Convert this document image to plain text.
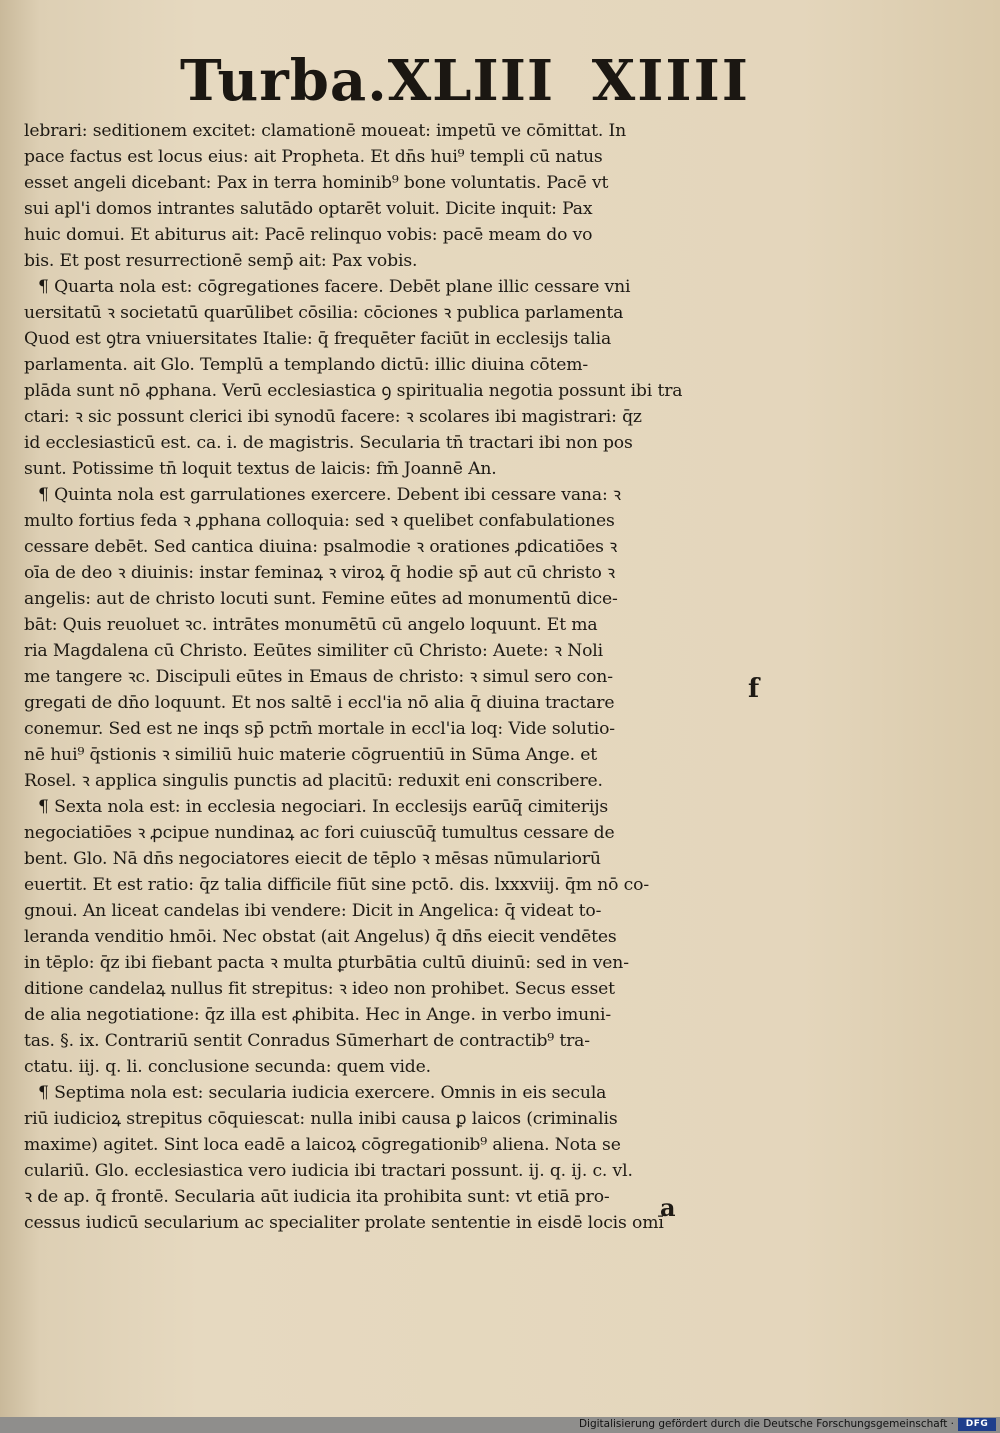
Turba.XLIII XIIII
lebrari: seditionem excitet: clamationē moueat: impetū ve cōmittat. In
pace factus est locus eius: ait Propheta. Et dn̄s hui⁹ templi cū natus
esset angeli dicebant: Pax in terra hominib⁹ bone voluntatis. Pacē vt
sui apl'i domos intrantes salutādo optarēt voluit. Dicite inquit: Pax
huic domui. Et abiturus ait: Pacē relinquo vobis: pacē meam do vo
bis. Et post resurrectionē semp̄ ait: Pax vobis.
¶ Quarta nola est: cōgregationes facere. Debēt plane illic cessare vni
uersitatū ꝛ societatū quarūlibet cōsilia: cōciones ꝛ publica parlamenta
Quod est ꝯtra vniuersitates Italie: q̄ frequēter faciūt in ecclesijs talia
parlamenta. ait Glo. Templū a templando dictū: illic diuina cōtem-
plāda sunt nō ꝓphana. Verū ecclesiastica ꝯ spiritualia negotia possunt ibi tra
ctari: ꝛ sic possunt clerici ibi synodū facere: ꝛ scolares ibi magistrari: q̄z
id ecclesiasticū est. ca. i. de magistris. Secularia tn̄ tractari ibi non pos
sunt. Potissime tn̄ loquit textus de laicis: fm̄ Joannē An.
¶ Quinta nola est garrulationes exercere. Debent ibi cessare vana: ꝛ
multo fortius feda ꝛ ꝓphana colloquia: sed ꝛ quelibet confabulationes
cessare debēt. Sed cantica diuina: psalmodie ꝛ orationes ꝓdicatiōes ꝛ
oīa de deo ꝛ diuinis: instar feminaꝝ ꝛ viroꝝ q̄ hodie sp̄ aut cū christo ꝛ
angelis: aut de christo locuti sunt. Femine eūtes ad monumentū dice-
bāt: Quis reuoluet ꝛc. intrātes monumētū cū angelo loquunt. Et ma
ria Magdalena cū Christo. Eeūtes similiter cū Christo: Auete: ꝛ Noli
me tangere ꝛc. Discipuli eūtes in Emaus de christo: ꝛ simul sero con-
gregati de dn̄o loquunt. Et nos saltē i eccl'ia nō alia q̄ diuina tractare
conemur. Sed est ne inqs sp̄ pctm̄ mortale in eccl'ia loq: Vide solutio-
nē hui⁹ q̄stionis ꝛ similiū huic materie cōgruentiū in Sūma Ange. et
Rosel. ꝛ applica singulis punctis ad placitū: reduxit eni conscribere.
¶ Sexta nola est: in ecclesia negociari. In ecclesijs earūq̄ cimiterijs
negociatiōes ꝛ ꝓcipue nundinaꝝ ac fori cuiuscūq̄ tumultus cessare de
bent. Glo. Nā dn̄s negociatores eiecit de tēplo ꝛ mēsas nūmulariorū
euertit. Et est ratio: q̄z talia difficile fiūt sine pctō. dis. lxxxviij. q̄m nō co-
gnoui. An liceat candelas ibi vendere: Dicit in Angelica: q̄ videat to-
leranda venditio hmōi. Nec obstat (ait Angelus) q̄ dn̄s eiecit vendētes
in tēplo: q̄z ibi fiebant pacta ꝛ multa ꝑturbātia cultū diuinū: sed in ven-
ditione candelaꝝ nullus fit strepitus: ꝛ ideo non prohibet. Secus esset
de alia negotiatione: q̄z illa est ꝓhibita. Hec in Ange. in verbo imuni-
tas. §. ix. Contrariū sentit Conradus Sūmerhart de contractib⁹ tra-
ctatu. iij. q. li. conclusione secunda: quem vide.
¶ Septima nola est: secularia iudicia exercere. Omnis in eis secula
riū iudicioꝝ strepitus cōquiescat: nulla inibi causa ꝑ laicos (criminalis
maxime) agitet. Sint loca eadē a laicoꝝ cōgregationib⁹ aliena. Nota se
culariū. Glo. ecclesiastica vero iudicia ibi tractari possunt. ij. q. ij. c. vl.
ꝛ de ap. q̄ frontē. Secularia aūt iudicia ita prohibita sunt: vt etiā pro-
cessus iudicū secularium ac specialiter prolate sententie in eisdē locis omī
f
a
Digitalisierung gefördert durch die Deutsche Forschungsgemeinschaft ·	DFG
